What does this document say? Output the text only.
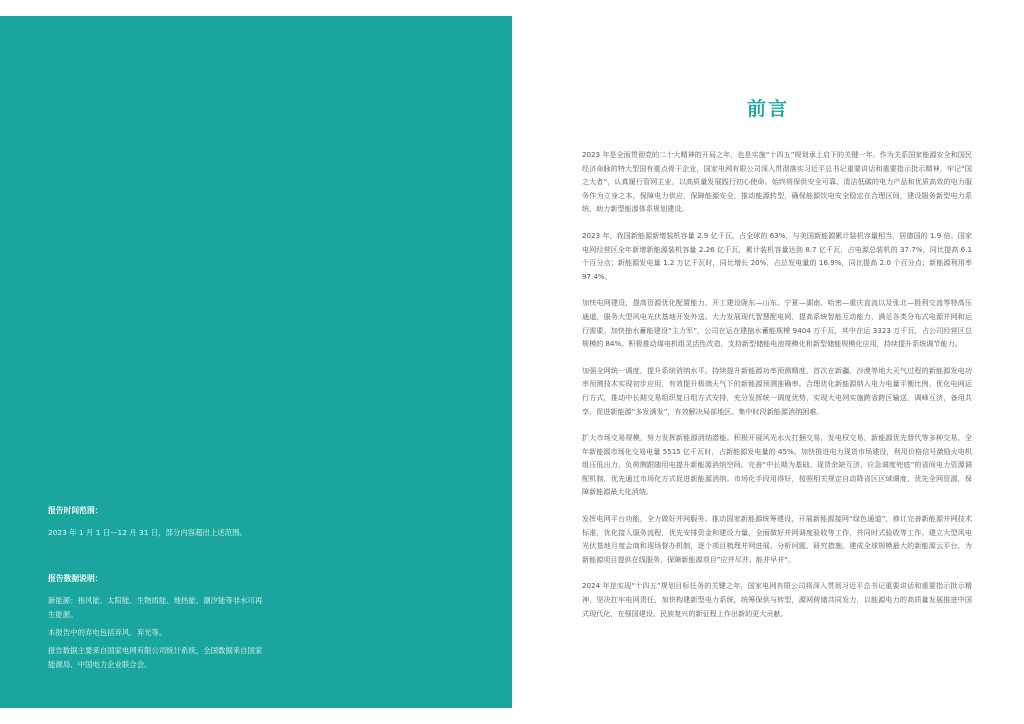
报告时间范围：

2023 年 1 月 1 日—12 月 31 日，部分内容超出上述范围。

报告数据说明：

新能源：指风能、太阳能、生物质能、地热能、潮汐能等非水可再生能源。

本报告中的弃电包括弃风、弃光等。

报告数据主要来自国家电网有限公司统计系统，全国数据来自国家能源局、中国电力企业联合会。

前言

2023 年是全面贯彻党的二十大精神的开局之年，也是实施“十四五”规划承上启下的关键一年。作为关系国家能源安全和国民经济命脉的特大型国有重点骨干企业，国家电网有限公司深入贯彻落实习近平总书记重要讲话和重要指示批示精神，牢记“国之大者”，认真履行管网主业，以高质量发展践行初心使命。始终将保供安全可靠、清洁低碳的电力产品和优质高效的电力服务作为立身之本，保障电力供应，保障能源安全，推动能源转型，确保能源饮电安全稳定在合理区间，建设服务新型电力系统，助力新型能源体系规划建设。

2023 年，我国新能源新增装机容量 2.9 亿千瓦，占全球的 63%，与美国新能源累计装机容量相当，居德国的 1.9 倍。国家电网经营区全年新增新能源装机容量 2.26 亿千瓦，累计装机容量达到 8.7 亿千瓦，占电源总装机的 37.7%，同比提高 6.1 个百分点；新能源发电量 1.2 万亿千瓦时，同比增长 20%，占总发电量的 16.9%，同比提高 2.0 个百分点；新能源利用率 97.4%。

加快电网建设，提高资源优化配置能力。开工建设陇东—山东、宁夏—湖南、哈密—重庆直流以及张北—胜利交流等特高压通道，服务大型风电光伏基地开发外送。大力发展现代智慧配电网，提高系统智能互动能力，满足各类分布式电源并网和运行需要。加快抽水蓄能建设“主力军”，公司在运在建抽水蓄能规模 9404 万千瓦，其中在运 3323 万千瓦，占公司经营区总规模的 84%。积极推动煤电机组灵活性改造，支持新型储能电池规模化和新型储能规模化应用，持续提升系统调节能力。

加强全网统一调度，提升系统消纳水平。持续提升新能源功率预测精度，首次在新疆、沙漠等地大天气过程的新能源发电功率预测技术实现初步应用，有效提升极端天气下的新能源预测准确率。合理优化新能源纳入电力电量平衡比例，优化电网运行方式，推动中长期交易组织复日组方式安排，充分发挥统一调度优势，实现大电网实施跨省跨区输送，调峰互济，备用共享，促进新能源“多发满发”，有效解决局部地区、集中时段新能源消纳困难。

扩大市场交易规模，努力发挥新能源消纳潜能。积极开展风光水火打捆交易，发电权交易，新能源优先替代等多种交易，全年新能源市场化交易电量 5515 亿千瓦时，占新能源发电量的 45%。加快推进电力现货市场建设，利用价格信号激励火电机组压低出力，负荷侧跟随用电提升新能源消纳空间。完善“中长期为基础、现货余缺互济、应急调度兜底”的省间电力资源调配机制，优先通过市场化方式促进新能源消纳。市场化手段用得好，按照相关规定自动降省区区域调度，优先全网资源，保障新能源最大化消纳。

发挥电网平台功能，全力做好并网服务。推动国家新能源统筹建设，开展新能源接网“绿色通道”，修订完善新能源并网技术标准，优化接入服务流程，优先安排资金和建设力量，全面做好并网调度验收等工作，并同时式验收等工作。建立大型风电光伏基地月度会商和现场督办机制，逐个项目梳理并网进展、分析问题、研究措施。建成全球规模最大的新能源云平台，为新能源项目提供在线服务，保障新能源项目“应并尽并、能并早并”。

2024 年是实现“十四五”规划目标任务的关键之年，国家电网有限公司将深入贯彻习近平总书记重要讲话和重要指示批示精神，坚决扛牢电网责任，加快构建新型电力系统，统筹保供与转型，源网荷储共同发力，以能源电力的高质量发展推进中国式现代化，在强国建设、民族复兴的新征程上作出新的更大贡献。
